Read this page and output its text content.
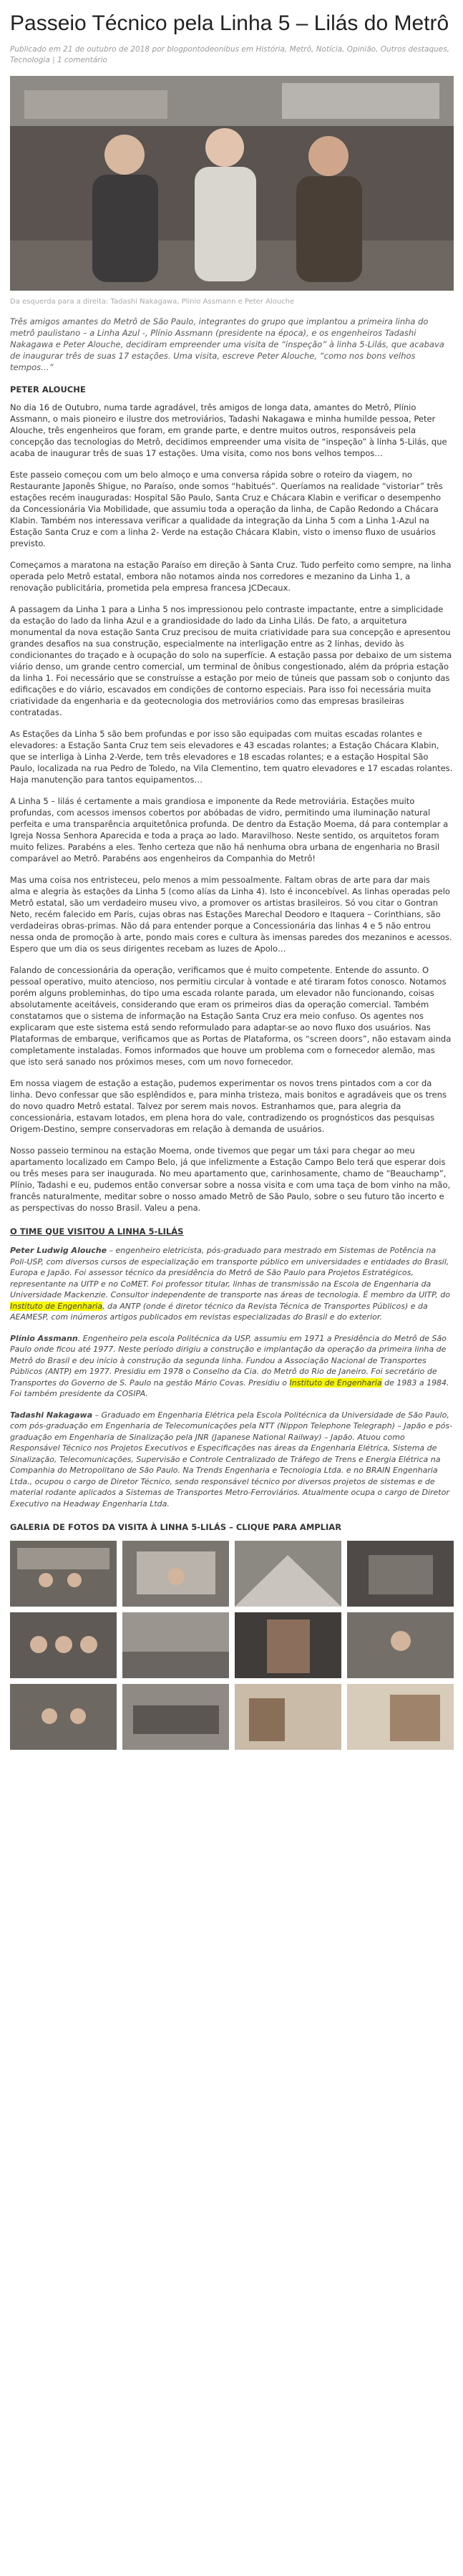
Passeio Técnico pela Linha 5 – Lilás do Metrô
Publicado em 21 de outubro de 2018 por blogpontodeonibus em História, Metrô, Notícia, Opinião, Outros destaques, Tecnologia | 1 comentário
Da esquerda para a direita: Tadashi Nakagawa, Plinio Assmann e Peter Alouche
Três amigos amantes do Metrô de São Paulo, integrantes do grupo que implantou a primeira linha do metrô paulistano – a Linha Azul -, Plínio Assmann (presidente na época), e os engenheiros Tadashi Nakagawa e Peter Alouche, decidiram empreender uma visita de “inspeção” à linha 5-Lilás, que acabava de inaugurar três de suas 17 estações. Uma visita, escreve Peter Alouche, “como nos bons velhos tempos…”
PETER ALOUCHE

No dia 16 de Outubro, numa tarde agradável, três amigos de longa data, amantes do Metrô, Plínio Assmann, o mais pioneiro e ilustre dos metroviários, Tadashi Nakagawa e minha humilde pessoa, Peter Alouche, três engenheiros que foram, em grande parte, e dentre muitos outros, responsáveis pela concepção das tecnologias do Metrô, decidimos empreender uma visita de “inspeção” à linha 5-Lilás, que acaba de inaugurar três de suas 17 estações. Uma visita, como nos bons velhos tempos…

Este passeio começou com um belo almoço e uma conversa rápida sobre o roteiro da viagem, no Restaurante Japonês Shigue, no Paraíso, onde somos “habitués”. Queríamos na realidade “vistoriar” três estações recém inauguradas: Hospital São Paulo, Santa Cruz e Chácara Klabin e verificar o desempenho da Concessionária Via Mobilidade, que assumiu toda a operação da linha, de Capão Redondo a Chácara Klabin. Também nos interessava verificar a qualidade da integração da Linha 5 com a Linha 1-Azul na Estação Santa Cruz e com a linha 2- Verde na estação Chácara Klabin, visto o imenso fluxo de usuários previsto.

Começamos a maratona na estação Paraíso em direção à Santa Cruz. Tudo perfeito como sempre, na linha operada pelo Metrô estatal, embora não notamos ainda nos corredores e mezanino da Linha 1, a renovação publicitária, prometida pela empresa francesa JCDecaux.

A passagem da Linha 1 para a Linha 5 nos impressionou pelo contraste impactante, entre a simplicidade da estação do lado da linha Azul e a grandiosidade do lado da Linha Lilás. De fato, a arquitetura monumental da nova estação Santa Cruz precisou de muita criatividade para sua concepção e apresentou grandes desafios na sua construção, especialmente na interligação entre as 2 linhas, devido às condicionantes do traçado e à ocupação do solo na superfície. A estação passa por debaixo de um sistema viário denso, um grande centro comercial, um terminal de ônibus congestionado, além da própria estação da linha 1. Foi necessário que se construísse a estação por meio de túneis que passam sob o conjunto das edificações e do viário, escavados em condições de contorno especiais. Para isso foi necessária muita criatividade da engenharia e da geotecnologia dos metroviários como das empresas brasileiras contratadas.

As Estações da Linha 5 são bem profundas e por isso são equipadas com muitas escadas rolantes e elevadores: a Estação Santa Cruz tem seis elevadores e 43 escadas rolantes; a Estação Chácara Klabin, que se interliga à Linha 2-Verde, tem três elevadores e 18 escadas rolantes; e a estação Hospital São Paulo, localizada na rua Pedro de Toledo, na Vila Clementino, tem quatro elevadores e 17 escadas rolantes. Haja manutenção para tantos equipamentos…

A Linha 5 – lilás é certamente a mais grandiosa e imponente da Rede metroviária. Estações muito profundas, com acessos imensos cobertos por abóbadas de vidro, permitindo uma iluminação natural perfeita e uma transparência arquitetônica profunda. De dentro da Estação Moema, dá para contemplar a Igreja Nossa Senhora Aparecida e toda a praça ao lado. Maravilhoso. Neste sentido, os arquitetos foram muito felizes. Parabéns a eles. Tenho certeza que não há nenhuma obra urbana de engenharia no Brasil comparável ao Metrô. Parabéns aos engenheiros da Companhia do Metrô!

Mas uma coisa nos entristeceu, pelo menos a mim pessoalmente. Faltam obras de arte para dar mais alma e alegria às estações da Linha 5 (como alías da Linha 4). Isto é inconcebível. As linhas operadas pelo Metrô estatal, são um verdadeiro museu vivo, a promover os artistas brasileiros. Só vou citar o Gontran Neto, recém falecido em Paris, cujas obras nas Estações Marechal Deodoro e Itaquera – Corinthians, são verdadeiras obras-primas. Não dá para entender porque a Concessionária das linhas 4 e 5 não entrou nessa onda de promoção à arte, pondo mais cores e cultura às imensas paredes dos mezaninos e acessos. Espero que um dia os seus dirigentes recebam as luzes de Apolo…

Falando de concessionária da operação, verificamos que é muito competente. Entende do assunto. O pessoal operativo, muito atencioso, nos permitiu circular à vontade e até tiraram fotos conosco. Notamos porém alguns probleminhas, do tipo uma escada rolante parada, um elevador não funcionando, coisas absolutamente aceitáveis, considerando que eram os primeiros dias da operação comercial. Também constatamos que o sistema de informação na Estação Santa Cruz era meio confuso. Os agentes nos explicaram que este sistema está sendo reformulado para adaptar-se ao novo fluxo dos usuários. Nas Plataformas de embarque, verificamos que as Portas de Plataforma, os “screen doors”, não estavam ainda completamente instaladas. Fomos informados que houve um problema com o fornecedor alemão, mas que isto será sanado nos próximos meses, com um novo fornecedor.

Em nossa viagem de estação a estação, pudemos experimentar os novos trens pintados com a cor da linha. Devo confessar que são esplêndidos e, para minha tristeza, mais bonitos e agradáveis que os trens do novo quadro Metrô estatal. Talvez por serem mais novos. Estranhamos que, para alegria da concessionária, estavam lotados, em plena hora do vale, contradizendo os prognósticos das pesquisas Origem-Destino, sempre conservadoras em relação à demanda de usuários.

Nosso passeio terminou na estação Moema, onde tivemos que pegar um táxi para chegar ao meu apartamento localizado em Campo Belo, já que infelizmente a Estação Campo Belo terá que esperar dois ou três meses para ser inaugurada. No meu apartamento que, carinhosamente, chamo de “Beauchamp”, Plínio, Tadashi e eu, pudemos então conversar sobre a nossa visita e com uma taça de bom vinho na mão, francês naturalmente, meditar sobre o nosso amado Metrô de São Paulo, sobre o seu futuro tão incerto e as perspectivas do nosso Brasil. Valeu a pena.

O TIME QUE VISITOU A LINHA 5-LILÁS
Peter Ludwig Alouche – engenheiro eletricista, pós-graduado para mestrado em Sistemas de Potência na Poli-USP, com diversos cursos de especialização em transporte público em universidades e entidades do Brasil, Europa e Japão. Foi assessor técnico da presidência do Metrô de São Paulo para Projetos Estratégicos, representante na UITP e no CoMET. Foi professor titular, linhas de transmissão na Escola de Engenharia da Universidade Mackenzie. Consultor independente de transporte nas áreas de tecnologia. É membro da UITP, do Instituto de Engenharia, da ANTP (onde é diretor técnico da Revista Técnica de Transportes Públicos) e da AEAMESP, com inúmeros artigos publicados em revistas especializadas do Brasil e do exterior.
Plínio Assmann. Engenheiro pela escola Politécnica da USP, assumiu em 1971 a Presidência do Metrô de São Paulo onde ficou até 1977. Neste período dirigiu a construção e implantação da operação da primeira linha de Metrô do Brasil e deu início à construção da segunda linha. Fundou a Associação Nacional de Transportes Públicos (ANTP) em 1977. Presidiu em 1978 o Conselho da Cia. do Metrô do Rio de Janeiro. Foi secretário de Transportes do Governo de S. Paulo na gestão Mário Covas. Presidiu o Instituto de Engenharia de 1983 a 1984. Foi também presidente da COSIPA.
Tadashi Nakagawa – Graduado em Engenharia Elétrica pela Escola Politécnica da Universidade de São Paulo, com pós-graduação em Engenharia de Telecomunicações pela NTT (Nippon Telephone Telegraph) – Japão e pós-graduação em Engenharia de Sinalização pela JNR (Japanese National Railway) – Japão. Atuou como Responsável Técnico nos Projetos Executivos e Especificações nas áreas da Engenharia Elétrica, Sistema de Sinalização, Telecomunicações, Supervisão e Controle Centralizado de Tráfego de Trens e Energia Elétrica na Companhia do Metropolitano de São Paulo. Na Trends Engenharia e Tecnologia Ltda. e no BRAIN Engenharia Ltda., ocupou o cargo de Diretor Técnico, sendo responsável técnico por diversos projetos de sistemas e de material rodante aplicados a Sistemas de Transportes Metro-Ferroviários. Atualmente ocupa o cargo de Diretor Executivo na Headway Engenharia Ltda.
GALERIA DE FOTOS DA VISITA À LINHA 5-LILÁS – CLIQUE PARA AMPLIAR
